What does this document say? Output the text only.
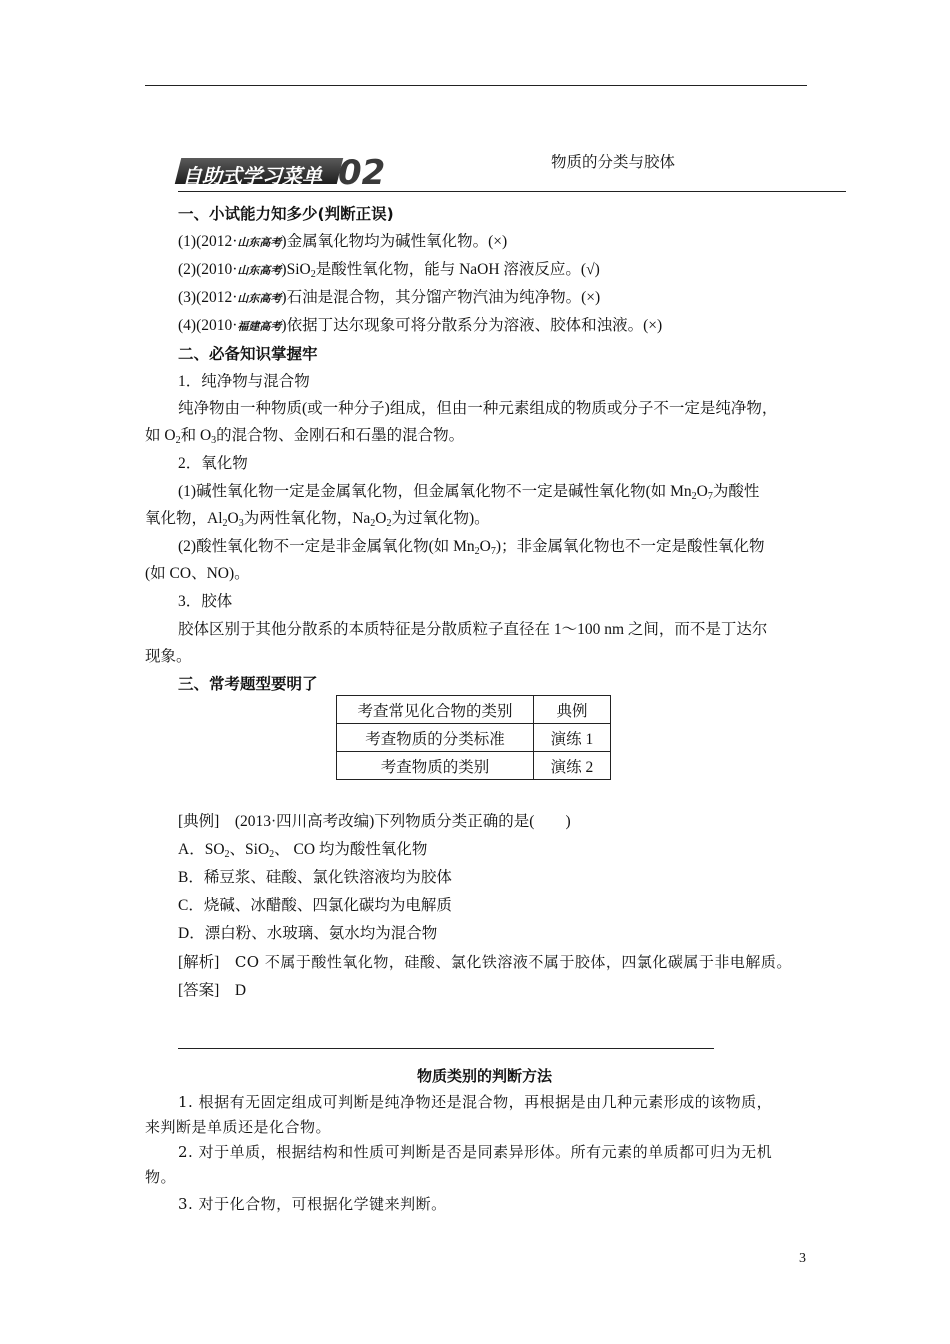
自助式学习菜单 02	物质的分类与胶体
一、小试能力知多少(判断正误)
(1)(2012·山东高考)金属氧化物均为碱性氧化物。(×)
(2)(2010·山东高考)SiO$_2$是酸性氧化物，能与 NaOH 溶液反应。(√)
(3)(2012·山东高考)石油是混合物，其分馏产物汽油为纯净物。(×)
(4)(2010·福建高考)依据丁达尔现象可将分散系分为溶液、胶体和浊液。(×)
二、必备知识掌握牢
1．纯净物与混合物
纯净物由一种物质(或一种分子)组成，但由一种元素组成的物质或分子不一定是纯净物，
如 $O_2$和 $O_3$的混合物、金刚石和石墨的混合物。
2．氧化物
(1)碱性氧化物一定是金属氧化物，但金属氧化物不一定是碱性氧化物(如 $Mn_2O_7$为酸性
氧化物，$Al_2O_3$为两性氧化物，$Na_2O_2$为过氧化物)。
(2)酸性氧化物不一定是非金属氧化物(如 $Mn_2O_7$)；非金属氧化物也不一定是酸性氧化物
(如 CO、NO)。
3．胶体
胶体区别于其他分散系的本质特征是分散质粒子直径在 1～100 nm 之间，而不是丁达尔
现象。
三、常考题型要明了
考查常见化合物的类别	典例
考查物质的分类标准	演练 1
考查物质的类别	演练 2
[典例]　(2013·四川高考改编)下列物质分类正确的是(　　)
A．$SO_2$、SiO$_2$、 CO 均为酸性氧化物
B．稀豆浆、硅酸、氯化铁溶液均为胶体
C．烧碱、冰醋酸、四氯化碳均为电解质
D．漂白粉、水玻璃、氨水均为混合物
[解析]　CO 不属于酸性氧化物，硅酸、氯化铁溶液不属于胶体，四氯化碳属于非电解质。
[答案]　D
物质类别的判断方法
1. 根据有无固定组成可判断是纯净物还是混合物，再根据是由几种元素形成的该物质，
来判断是单质还是化合物。
2. 对于单质，根据结构和性质可判断是否是同素异形体。所有元素的单质都可归为无机
物。
3. 对于化合物，可根据化学键来判断。
3
